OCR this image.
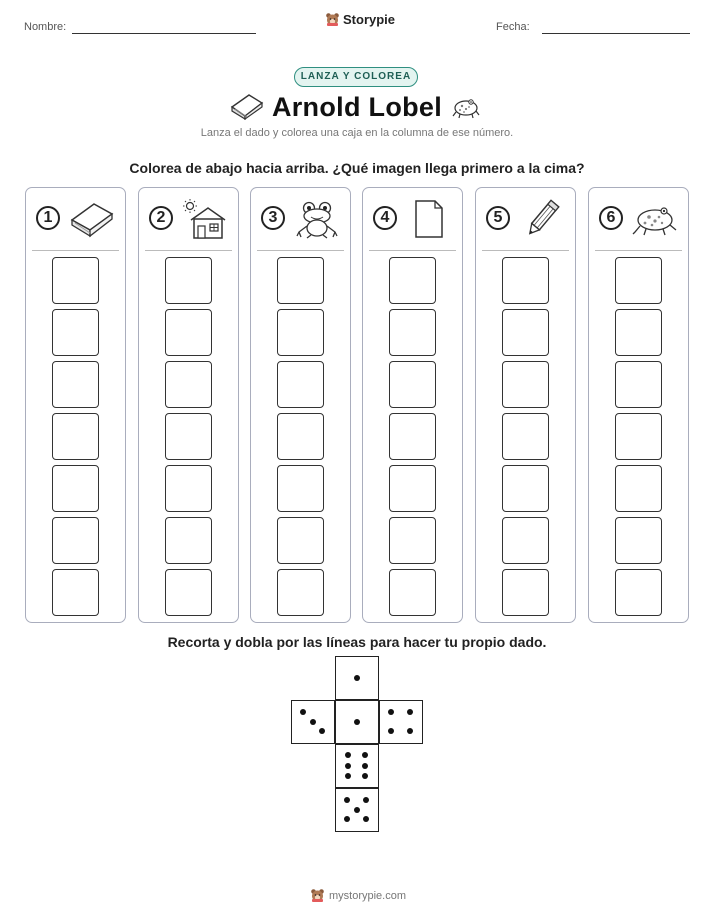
Nombre:	Storypie	Fecha:
LANZA Y COLOREA
Arnold Lobel
Lanza el dado y colorea una caja en la columna de ese número.
Colorea de abajo hacia arriba. ¿Qué imagen llega primero a la cima?
1	2	3	4	5	6
Recorta y dobla por las líneas para hacer tu propio dado.
mystorypie.com
